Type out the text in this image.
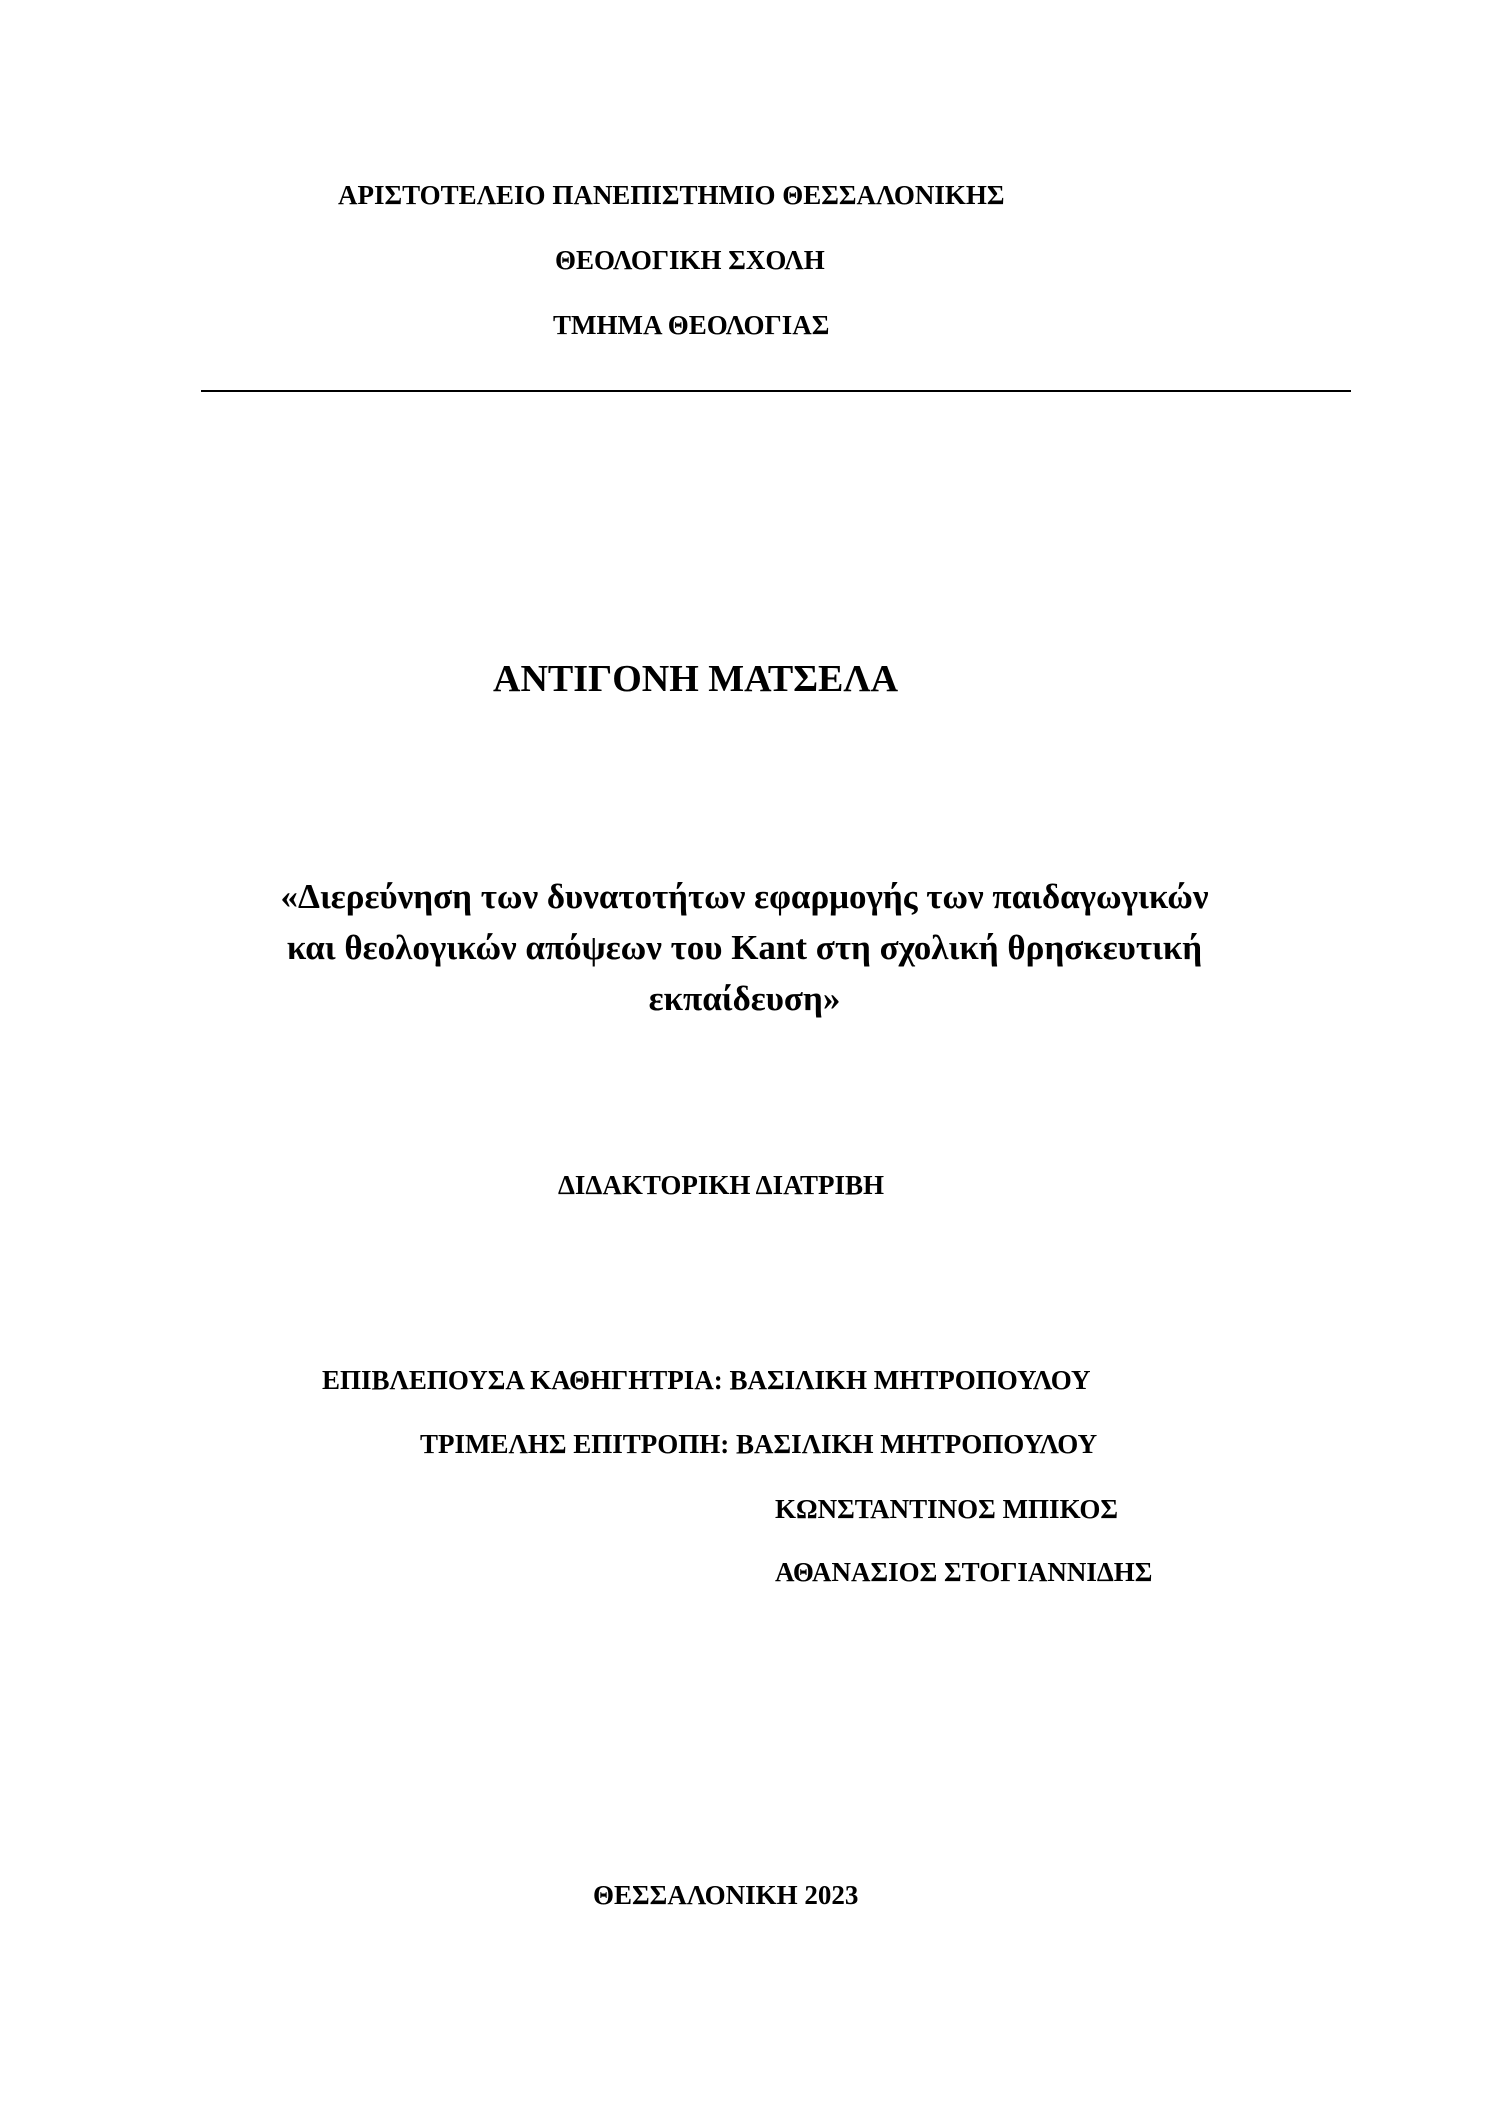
ΑΡΙΣΤΟΤΕΛΕΙΟ ΠΑΝΕΠΙΣΤΗΜΙΟ ΘΕΣΣΑΛΟΝΙΚΗΣ
ΘΕΟΛΟΓΙΚΗ ΣΧΟΛΗ
ΤΜΗΜΑ ΘΕΟΛΟΓΙΑΣ
ΑΝΤΙΓΟΝΗ ΜΑΤΣΕΛΑ
«Διερεύνηση των δυνατοτήτων εφαρμογής των παιδαγωγικών
και θεολογικών απόψεων του Kant στη σχολική θρησκευτική
εκπαίδευση»
ΔΙΔΑΚΤΟΡΙΚΗ ΔΙΑΤΡΙΒΗ
ΕΠΙΒΛΕΠΟΥΣΑ ΚΑΘΗΓΗΤΡΙΑ: ΒΑΣΙΛΙΚΗ ΜΗΤΡΟΠΟΥΛΟΥ
ΤΡΙΜΕΛΗΣ ΕΠΙΤΡΟΠΗ: ΒΑΣΙΛΙΚΗ ΜΗΤΡΟΠΟΥΛΟΥ
ΚΩΝΣΤΑΝΤΙΝΟΣ ΜΠΙΚΟΣ
ΑΘΑΝΑΣΙΟΣ ΣΤΟΓΙΑΝΝΙΔΗΣ
ΘΕΣΣΑΛΟΝΙΚΗ 2023
